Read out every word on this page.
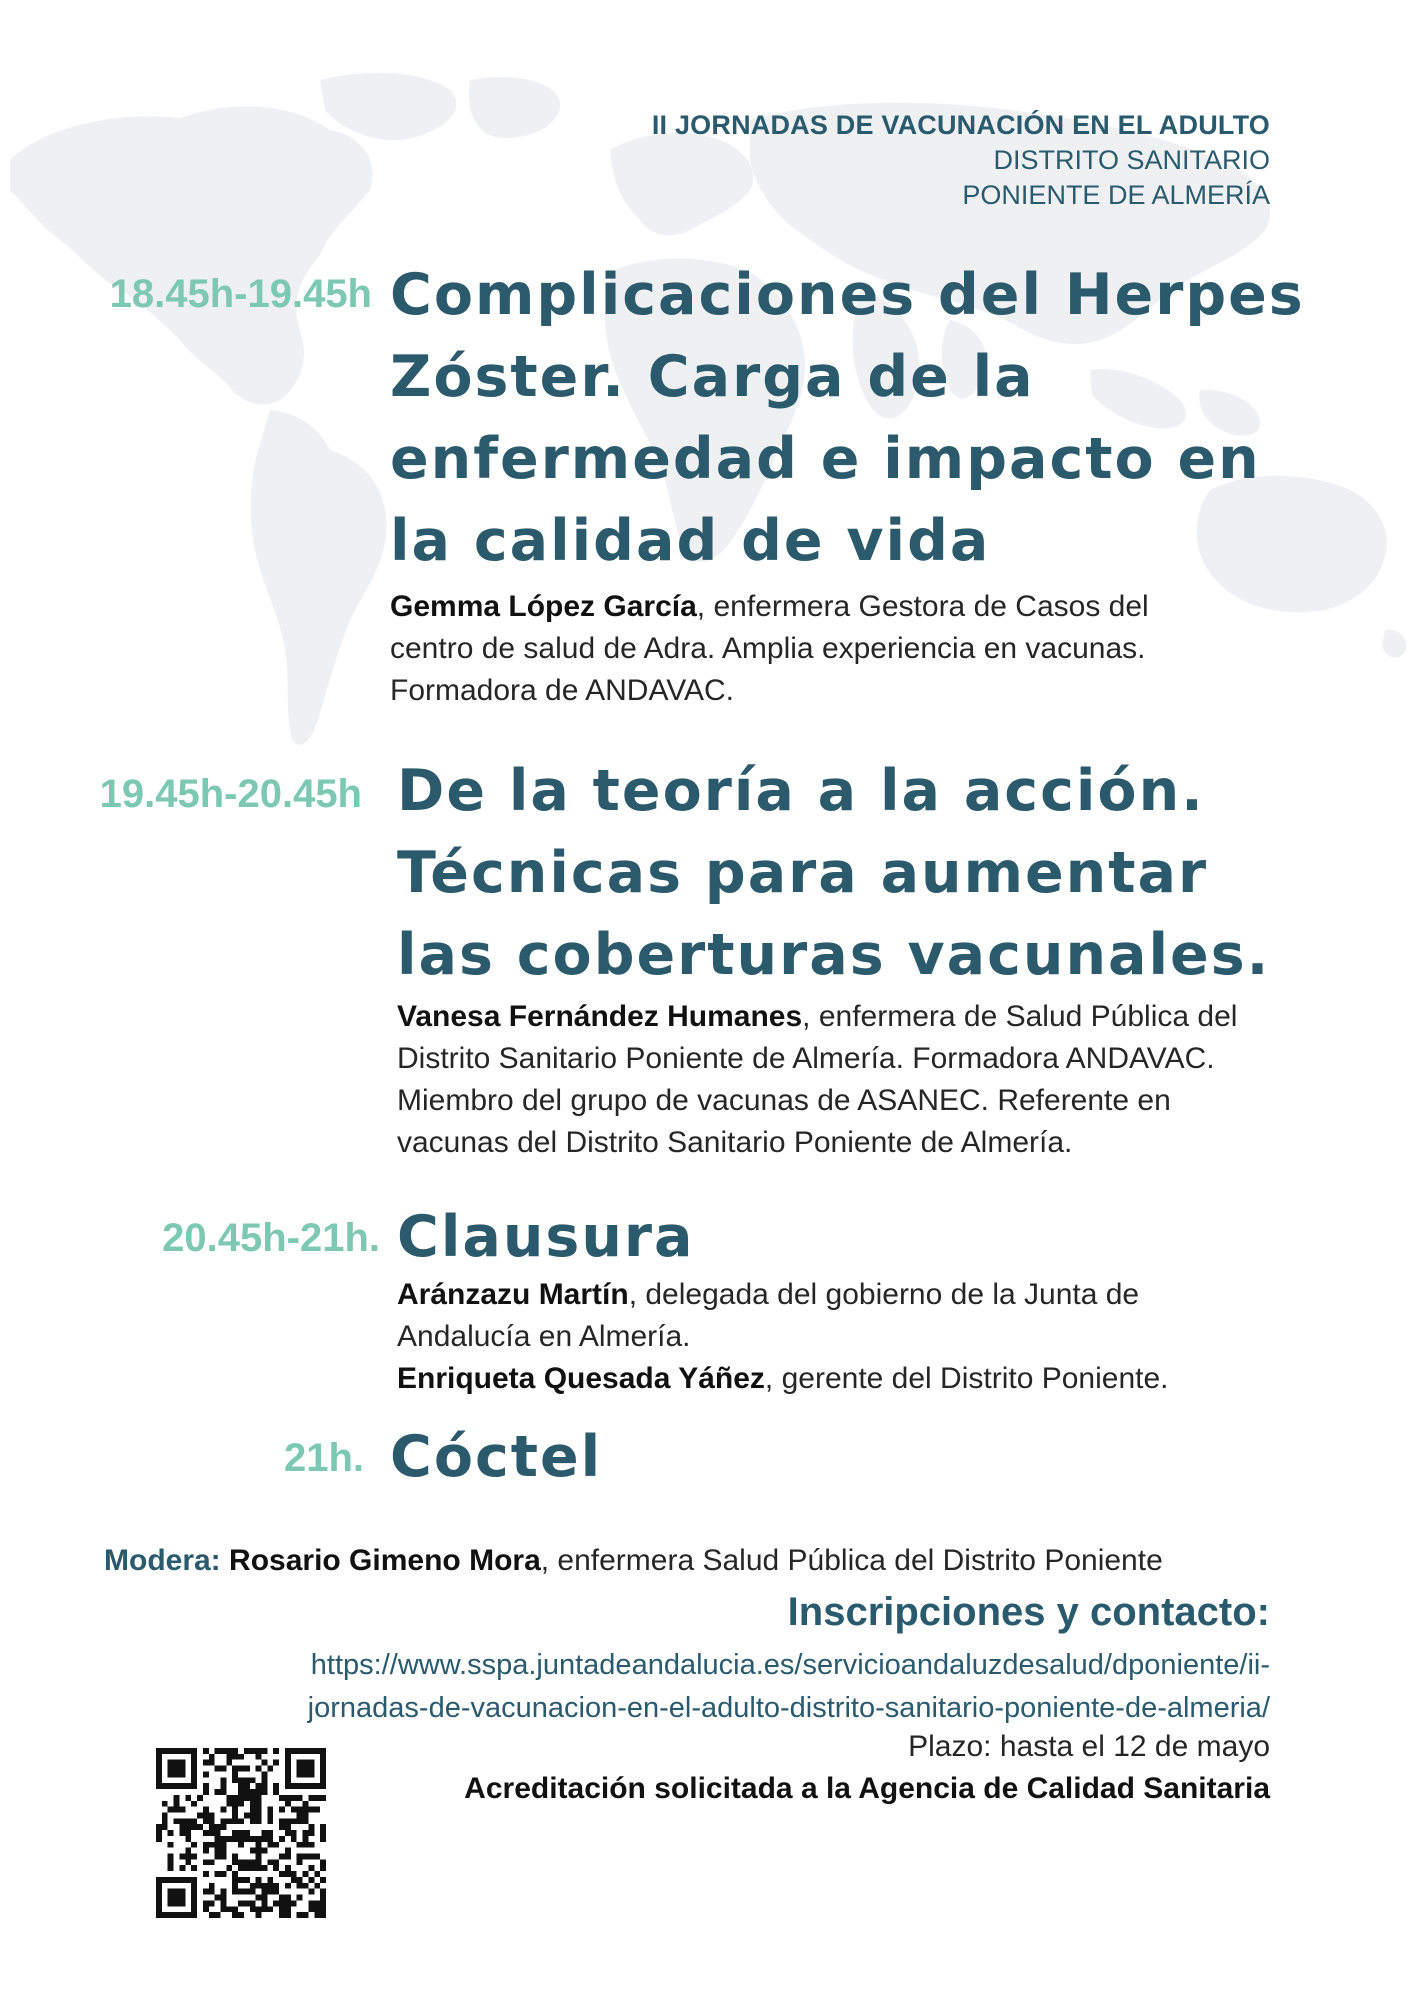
II JORNADAS DE VACUNACIÓN EN EL ADULTO
DISTRITO SANITARIO
PONIENTE DE ALMERÍA
18.45h-19.45h Complicaciones del Herpes
Zóster. Carga de la
enfermedad e impacto en
la calidad de vida
Gemma López García, enfermera Gestora de Casos del
centro de salud de Adra. Amplia experiencia en vacunas.
Formadora de ANDAVAC.
19.45h-20.45h De la teoría a la acción.
Técnicas para aumentar
las coberturas vacunales.
Vanesa Fernández Humanes, enfermera de Salud Pública del
Distrito Sanitario Poniente de Almería. Formadora ANDAVAC.
Miembro del grupo de vacunas de ASANEC. Referente en
vacunas del Distrito Sanitario Poniente de Almería.
20.45h-21h. Clausura
Aránzazu Martín, delegada del gobierno de la Junta de
Andalucía en Almería.
Enriqueta Quesada Yáñez, gerente del Distrito Poniente.
21h. Cóctel
Modera: Rosario Gimeno Mora, enfermera Salud Pública del Distrito Poniente
Inscripciones y contacto:
https://www.sspa.juntadeandalucia.es/servicioandaluzdesalud/dponiente/ii-
jornadas-de-vacunacion-en-el-adulto-distrito-sanitario-poniente-de-almeria/
Plazo: hasta el 12 de mayo
Acreditación solicitada a la Agencia de Calidad Sanitaria
